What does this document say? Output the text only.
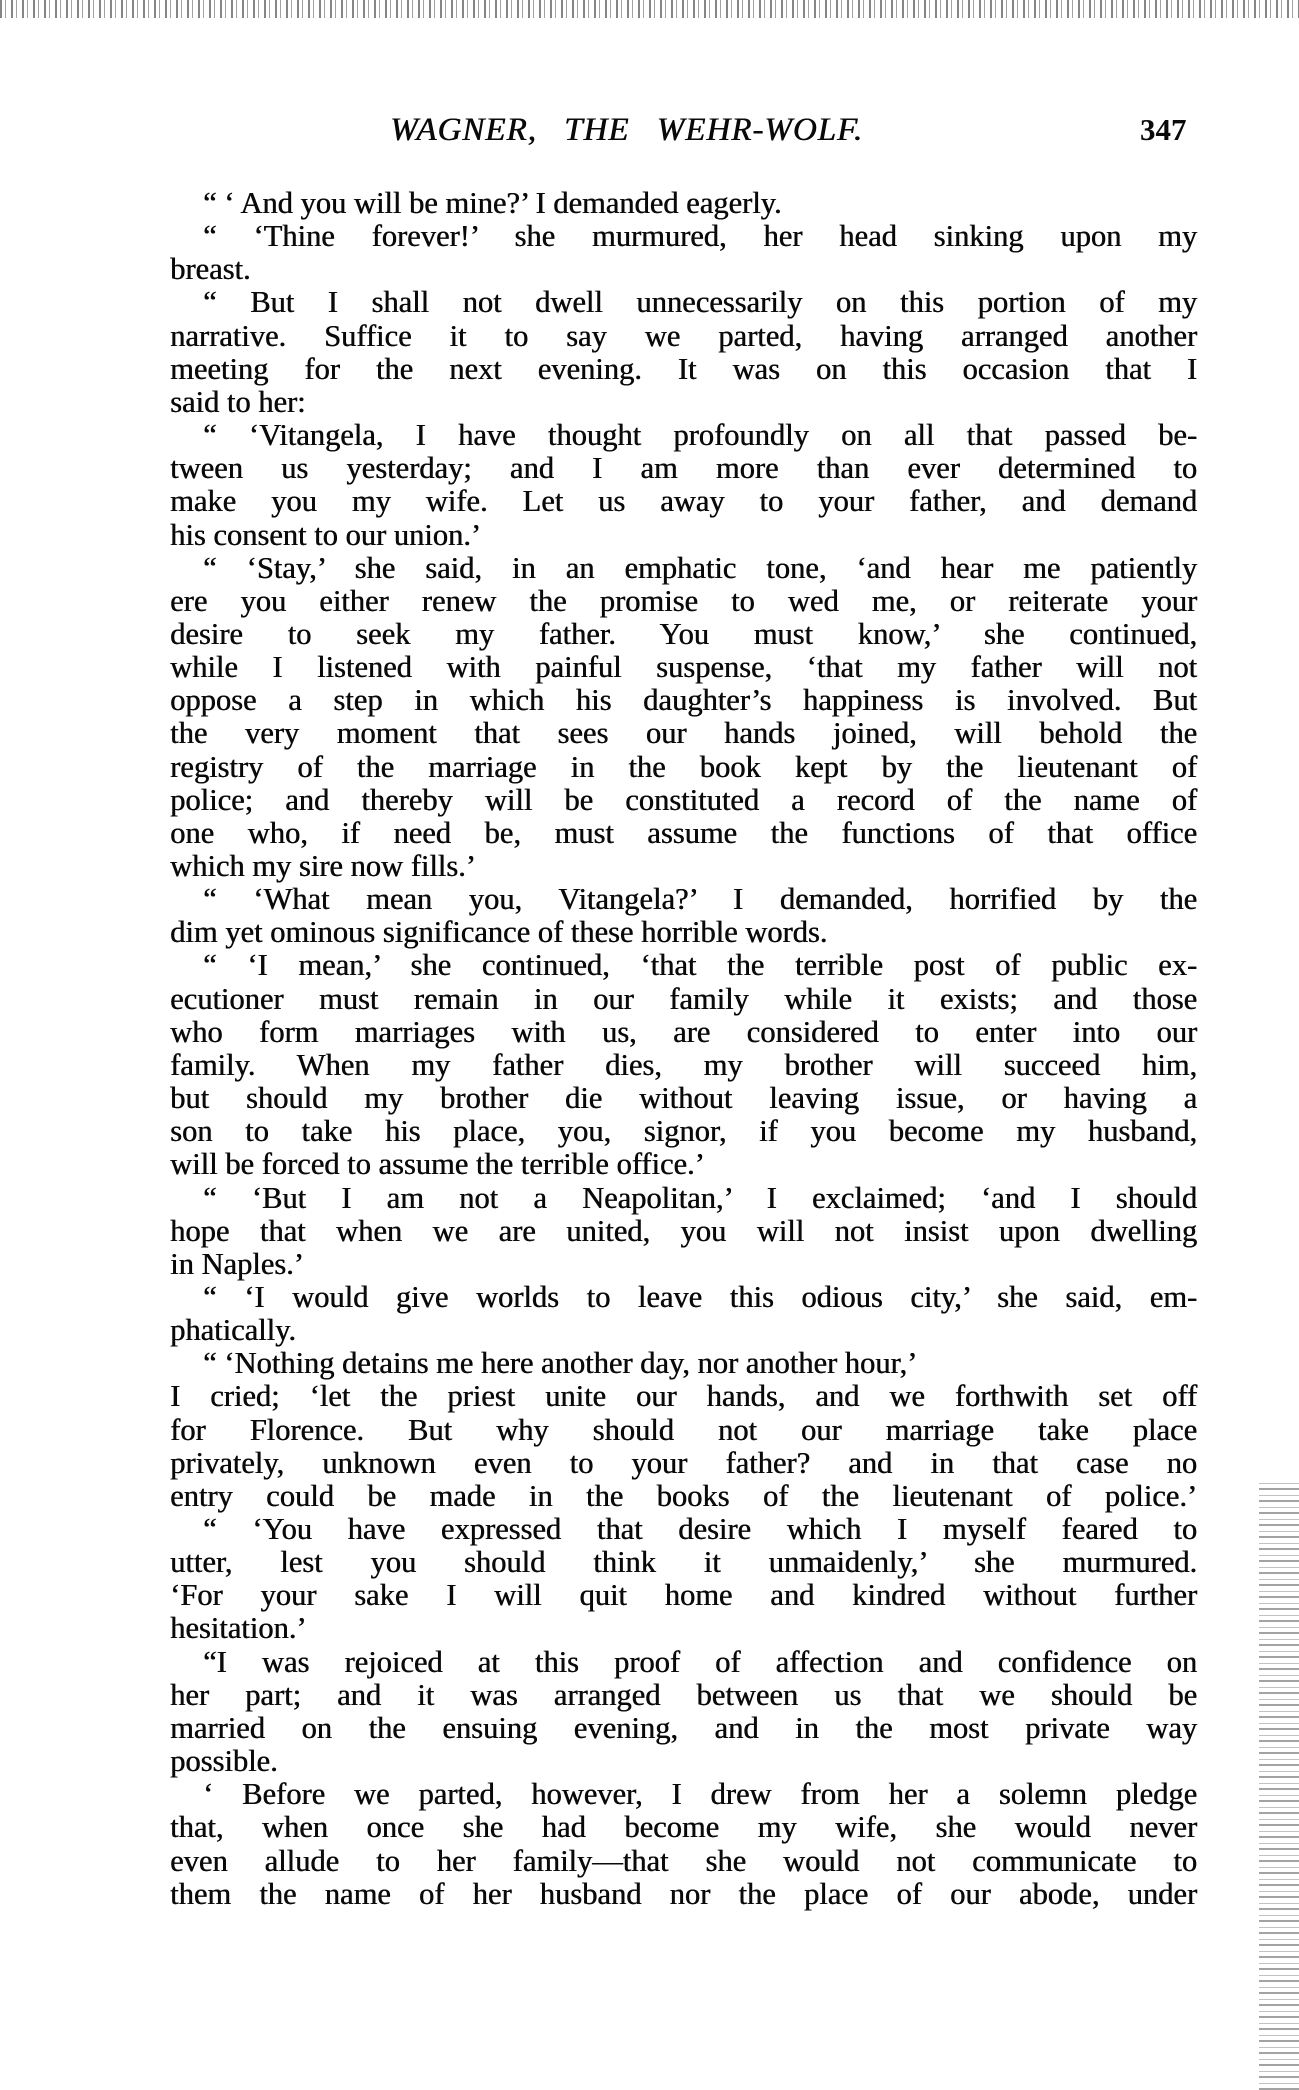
WAGNER, THE WEHR-WOLF.	347
“ ‘ And you will be mine?’ I demanded eagerly.
“ ‘Thine forever!’ she murmured, her head sinking upon my
breast.
“ But I shall not dwell unnecessarily on this portion of my
narrative. Suffice it to say we parted, having arranged another
meeting for the next evening. It was on this occasion that I
said to her:
“ ‘Vitangela, I have thought profoundly on all that passed be-
tween us yesterday; and I am more than ever determined to
make you my wife. Let us away to your father, and demand
his consent to our union.’
“ ‘Stay,’ she said, in an emphatic tone, ‘and hear me patiently
ere you either renew the promise to wed me, or reiterate your
desire to seek my father. You must know,’ she continued,
while I listened with painful suspense, ‘that my father will not
oppose a step in which his daughter’s happiness is involved. But
the very moment that sees our hands joined, will behold the
registry of the marriage in the book kept by the lieutenant of
police; and thereby will be constituted a record of the name of
one who, if need be, must assume the functions of that office
which my sire now fills.’
“ ‘What mean you, Vitangela?’ I demanded, horrified by the
dim yet ominous significance of these horrible words.
“ ‘I mean,’ she continued, ‘that the terrible post of public ex-
ecutioner must remain in our family while it exists; and those
who form marriages with us, are considered to enter into our
family. When my father dies, my brother will succeed him,
but should my brother die without leaving issue, or having a
son to take his place, you, signor, if you become my husband,
will be forced to assume the terrible office.’
“ ‘But I am not a Neapolitan,’ I exclaimed; ‘and I should
hope that when we are united, you will not insist upon dwelling
in Naples.’
“ ‘I would give worlds to leave this odious city,’ she said, em-
phatically.
“ ‘Nothing detains me here another day, nor another hour,’
I cried; ‘let the priest unite our hands, and we forthwith set off
for Florence. But why should not our marriage take place
privately, unknown even to your father? and in that case no
entry could be made in the books of the lieutenant of police.’
“ ‘You have expressed that desire which I myself feared to
utter, lest you should think it unmaidenly,’ she murmured.
‘For your sake I will quit home and kindred without further
hesitation.’
“I was rejoiced at this proof of affection and confidence on
her part; and it was arranged between us that we should be
married on the ensuing evening, and in the most private way
possible.
‘ Before we parted, however, I drew from her a solemn pledge
that, when once she had become my wife, she would never
even allude to her family—that she would not communicate to
them the name of her husband nor the place of our abode, under
